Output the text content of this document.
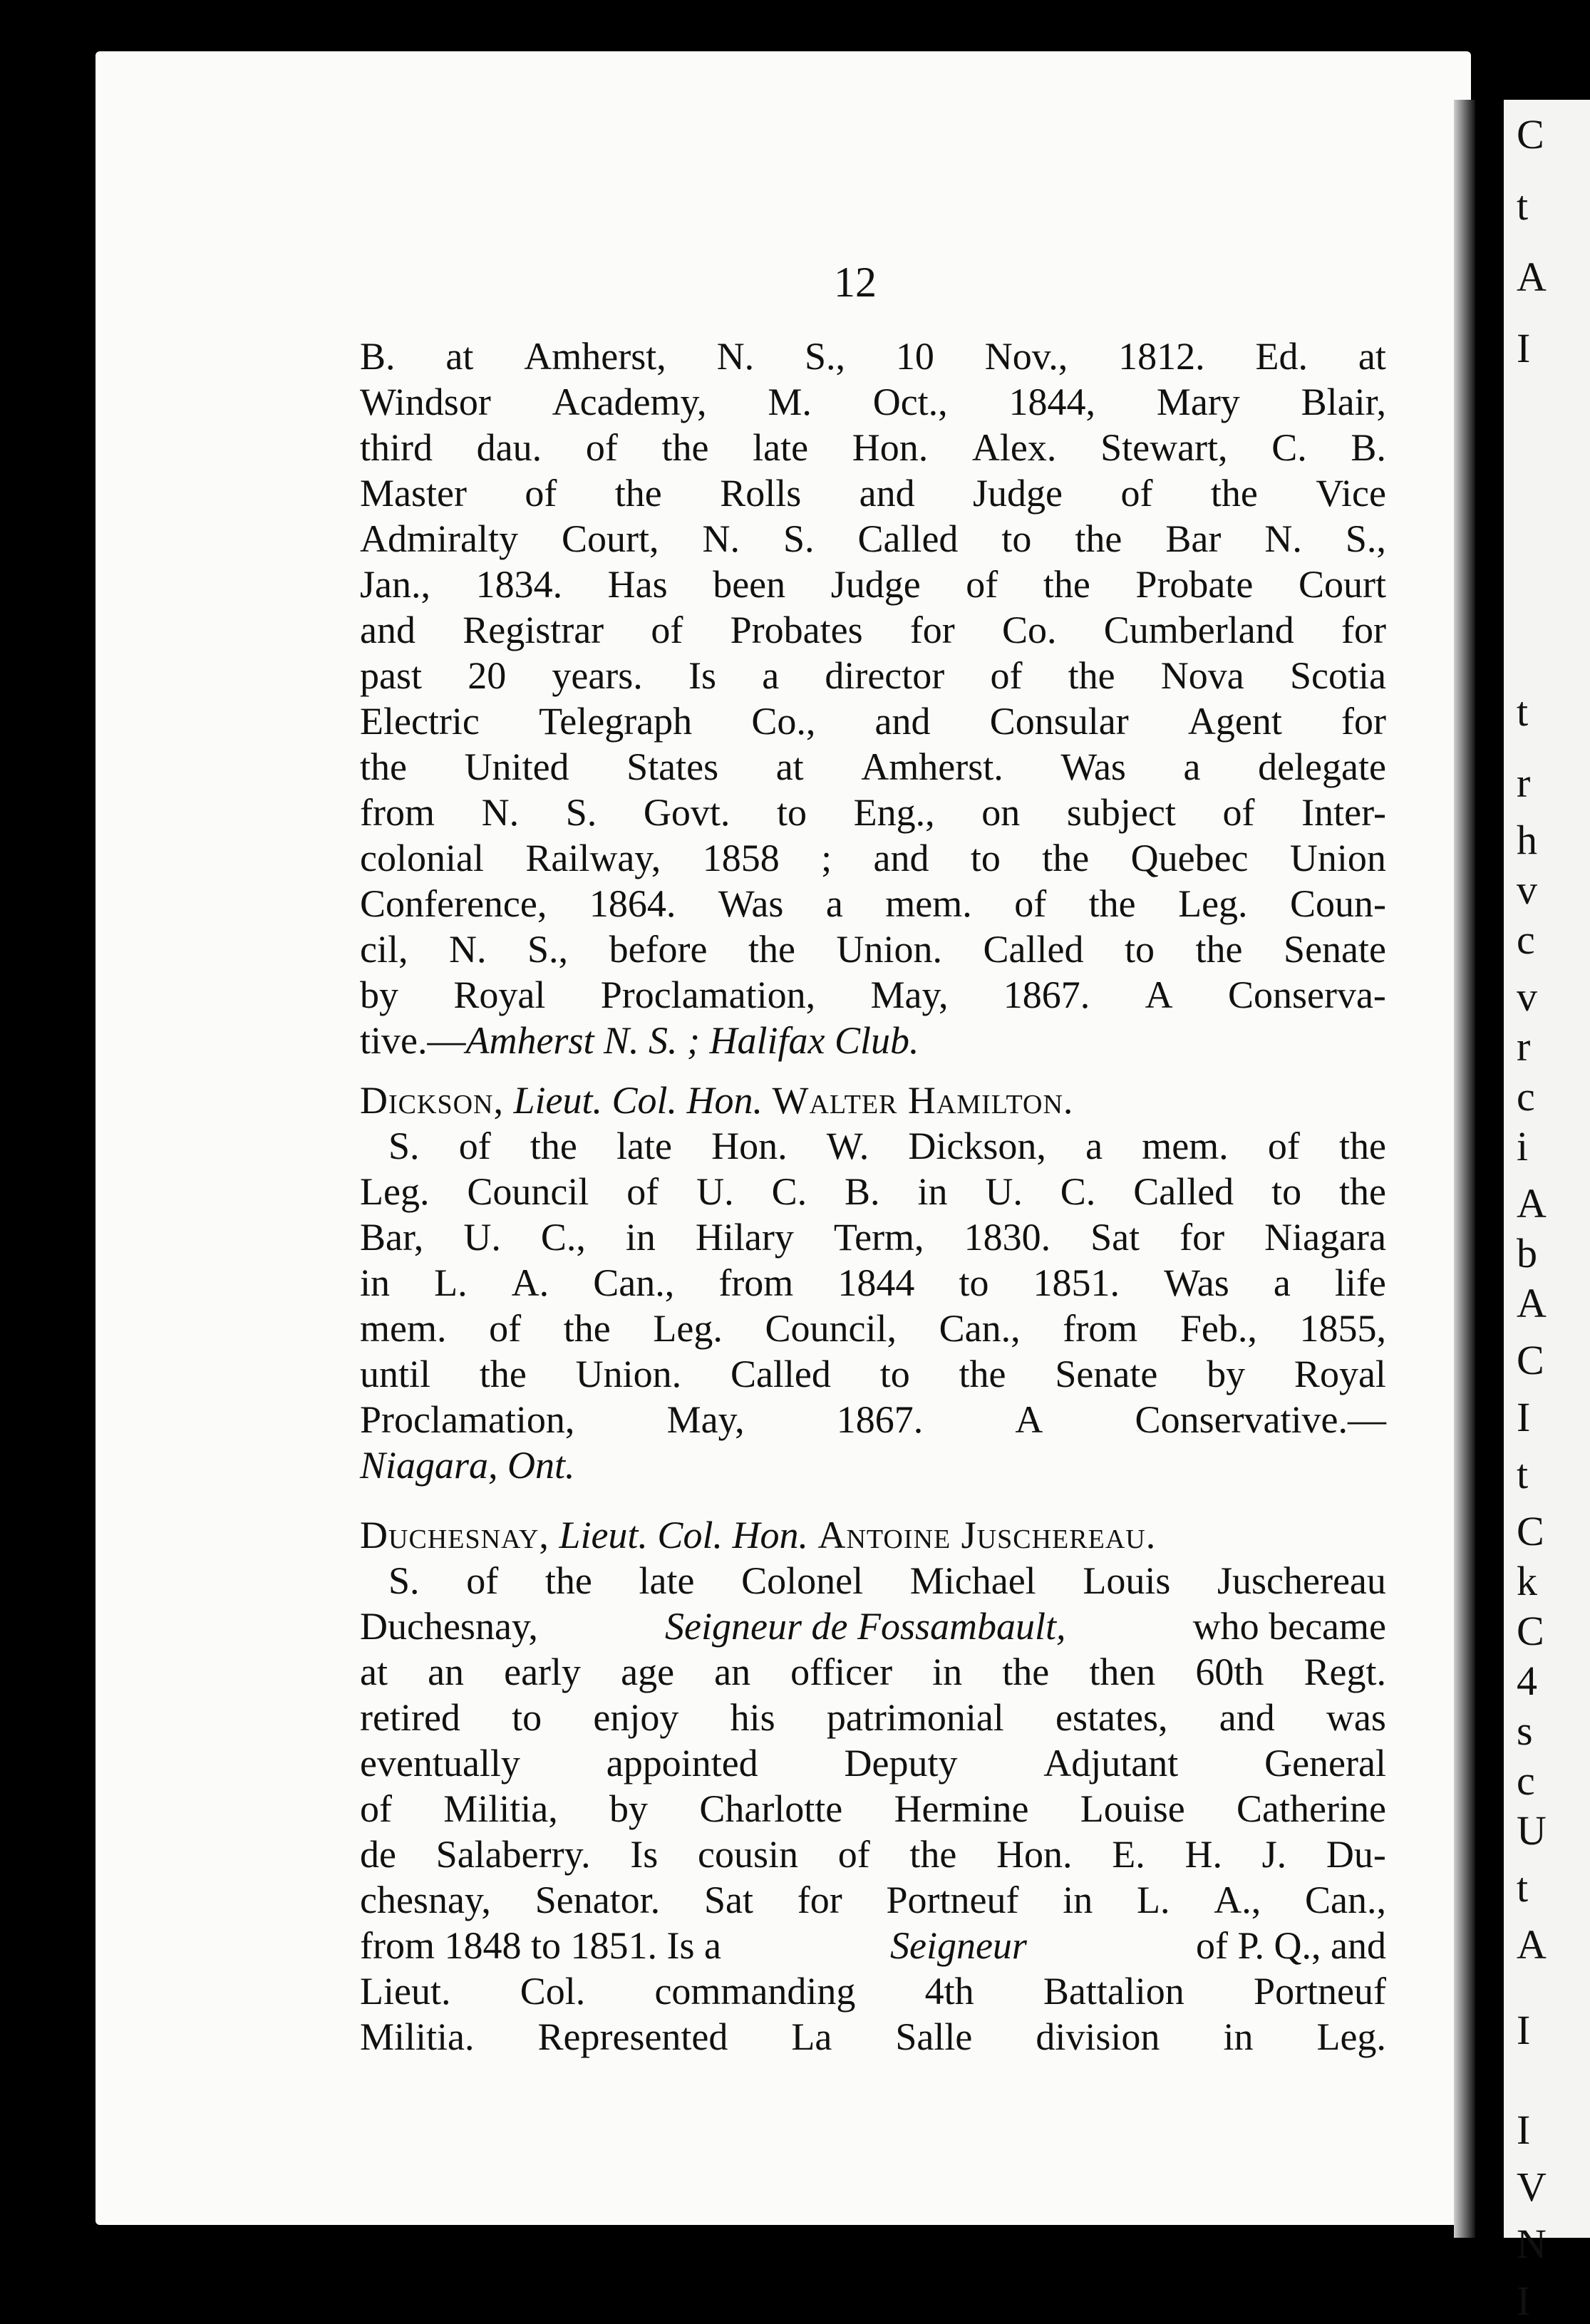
C
t
A
I
t
r
h
v
c
v
r
c
i
A
b
A
C
I
t
C
k
C
4
s
c
U
t
A
I
I
V
N
I
12
B. at Amherst, N. S., 10 Nov., 1812. Ed. at
Windsor Academy, M. Oct., 1844, Mary Blair,
third dau. of the late Hon. Alex. Stewart, C. B.
Master of the Rolls and Judge of the Vice
Admiralty Court, N. S. Called to the Bar N. S.,
Jan., 1834. Has been Judge of the Probate Court
and Registrar of Probates for Co. Cumberland for
past 20 years. Is a director of the Nova Scotia
Electric Telegraph Co., and Consular Agent for
the United States at Amherst. Was a delegate
from N. S. Govt. to Eng., on subject of Inter-
colonial Railway, 1858 ; and to the Quebec Union
Conference, 1864. Was a mem. of the Leg. Coun-
cil, N. S., before the Union. Called to the Senate
by Royal Proclamation, May, 1867. A Conserva-
tive.— Amherst N. S. ; Halifax Club.
Dickson, Lieut. Col. Hon. Walter Hamilton.
S. of the late Hon. W. Dickson, a mem. of the
Leg. Council of U. C. B. in U. C. Called to the
Bar, U. C., in Hilary Term, 1830. Sat for Niagara
in L. A. Can., from 1844 to 1851. Was a life
mem. of the Leg. Council, Can., from Feb., 1855,
until the Union. Called to the Senate by Royal
Proclamation, May, 1867. A Conservative.—
Niagara, Ont.
Duchesnay, Lieut. Col. Hon. Antoine Juschereau.
S. of the late Colonel Michael Louis Juschereau
Duchesnay,	Seigneur de Fossambault,	who became
at an early age an officer in the then 60th Regt.
retired to enjoy his patrimonial estates, and was
eventually appointed Deputy Adjutant General
of Militia, by Charlotte Hermine Louise Catherine
de Salaberry. Is cousin of the Hon. E. H. J. Du-
chesnay, Senator. Sat for Portneuf in L. A., Can.,
from 1848 to 1851. Is a	Seigneur	of P. Q., and
Lieut. Col. commanding 4th Battalion Portneuf
Militia. Represented La Salle division in Leg.
